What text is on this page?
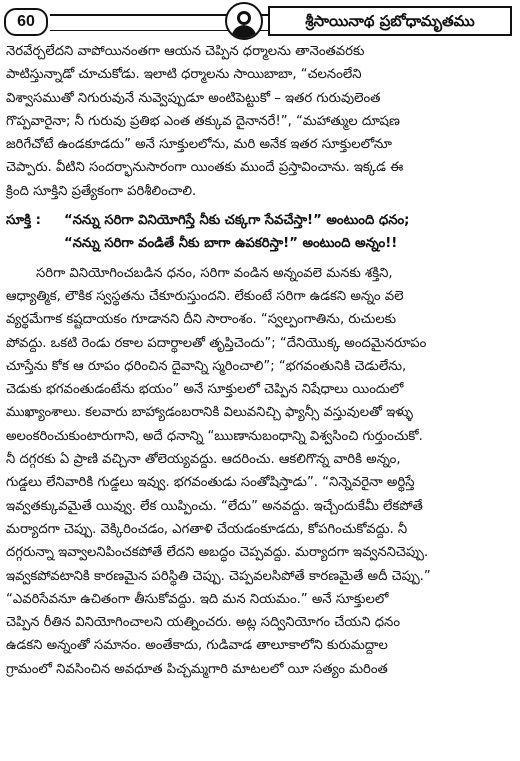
60	శ్రీసాయినాథ ప్రబోధామృతము
నెరవేర్చలేదని వాపోయినంతగా ఆయన చెప్పిన ధర్మాలను తానెంతవరకు
పాటిస్తున్నాడో చూచుకోడు. ఇలాటి ధర్మాలను సాయిబాబా, “చలనంలేని
విశ్వాసముతో నిగురువునే నువ్వెప్పుడూ అంటిపెట్టుకో – ఇతర గురువులెంత
గొప్పవారైనా; నీ గురువు ప్రతిభ ఎంత తక్కువ దైనానరే!”, “మహాత్ముల దూషణ
జరిగేచోటే ఉండకూడదు” అనే సూక్తులలోను, మరి అనేక ఇతర సూక్తులలోనూ
చెప్పారు. వీటిని సందర్భానుసారంగా యింతకు ముందే ప్రస్తావించాను. ఇక్కడ ఈ
క్రింది సూక్తిని ప్రత్యేకంగా పరిశీలించాలి.
సూక్తి :	“నన్ను సరిగా వినియోగిస్తే నీకు చక్కగా సేవచేస్తా!” అంటుంది ధనం;
“నన్ను సరిగా వండితే నీకు బాగా ఉపకరిస్తా!” అంటుంది అన్నం!!
సరిగా వినియోగించబడిన ధనం, సరిగా వండిన అన్నంవలె మనకు శక్తిని,
ఆధ్యాత్మిక, లౌకిక స్వస్థతను చేకూరుస్తుందని. లేకుంటే సరిగా ఉడకని అన్నం వలె
వ్యర్థమేగాక కష్టదాయకం గూడానని దీని సారాంశం. “స్వల్పంగాతిను, రుచులకు
పోవద్దు. ఒకటి రెండు రకాల పదార్థాలతో తృప్తిచెందు”; “దేనియొక్క అందమైనరూపం
చూస్తేను కోక ఆ రూపం ధరించిన దైవాన్ని స్మరించాలి”; “భగవంతునికి చెడులేను,
చెడుకు భగవంతుడంటేను భయం” అనే సూక్తులలో చెప్పిన నిషేధాలు యిందులో
ముఖ్యాంశాలు. కలవారు బాహ్యాడంబరానికి విలువనిచ్చి ఫ్యాన్సీ వస్తువులతో ఇళ్ళు
అలంకరించుకుంటారుగాని, అదే ధనాన్ని “ఋణానుబంధాన్ని విశ్వసించి గుర్తుంచుకో.
నీ దగ్గరకు ఏ ప్రాణి వచ్చినా తోలెయ్యవద్దు. ఆదరించు. ఆకలిగొన్న వారికి అన్నం,
గుడ్డలు లేనివారికి గుడ్డలు ఇవ్వు. భగవంతుడు సంతోషిస్తాడు”. “నిన్నెవరైనా అర్థిస్తే
ఇవ్వతక్కువమైతే యివ్వు. లేక యిప్పించు. “లేదు” అనవద్దు. ఇచ్చేందుకేమీ లేకపోతే
మర్యాదగా చెప్పు. వెక్కిరించడం, ఎగతాళి చేయడంకూడదు, కోపగించుకోవద్దు. నీ
దగ్గరున్నా ఇవ్వాలనిపించకపోతే లేదని అబద్ధం చెప్పవద్దు. మర్యాదగా ఇవ్వననిచెప్పు.
ఇవ్వకపోవటానికి కారణమైన పరిస్థితి చెప్పు. చెప్పవలసిపోతే కారణమైతే అదీ చెప్పు.”
“ఎవరిసేవనూ ఉచితంగా తీసుకోవద్దు. ఇది మన నియమం.” అనే సూక్తులలో
చెప్పిన రీతిన వినియోగించాలని యత్నించరు. అట్ల సద్వినియోగం చేయని ధనం
ఉడకని అన్నంతో సమానం. అంతేకాదు, గుడివాడ తాలూకాలోని కురుమద్దాల
గ్రామంలో నివసించిన అవధూత పిచ్చమ్మగారి మాటలలో యీ సత్యం మరింత
